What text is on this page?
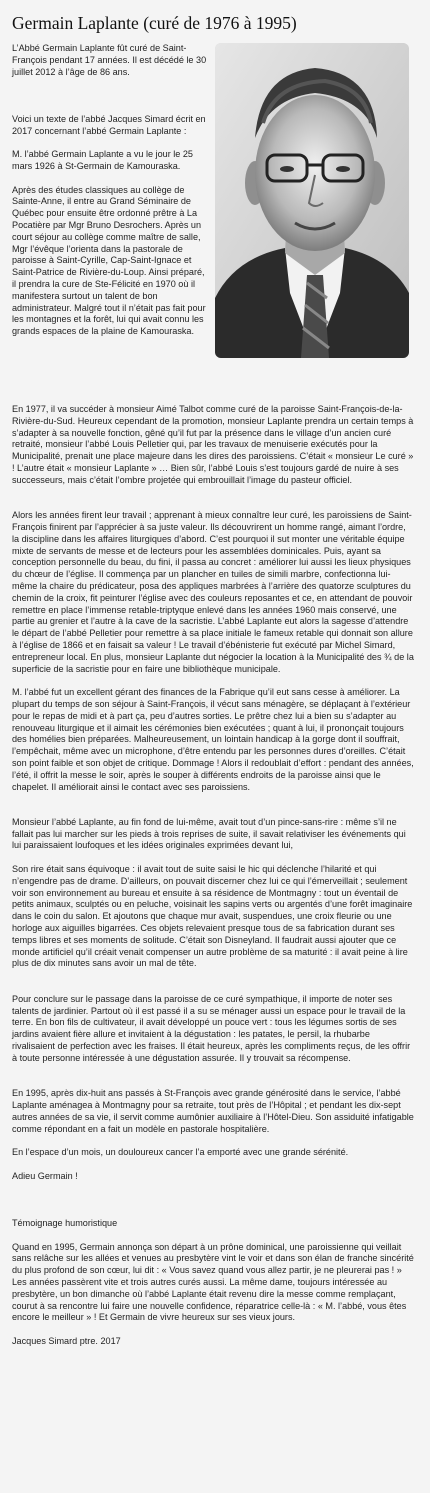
Germain Laplante (curé de 1976 à 1995)

L’Abbé Germain Laplante fût curé de Saint-François pendant 17 années. Il est décédé le 30 juillet 2012 à l’âge de 86 ans.

Voici un texte de l’abbé Jacques Simard écrit en 2017 concernant l’abbé Germain Laplante :

M. l’abbé Germain Laplante a vu le jour le 25 mars 1926 à St-Germain de Kamouraska.

Après des études classiques au collège de Sainte-Anne, il entre au Grand Séminaire de Québec pour ensuite être ordonné prêtre à La Pocatière par Mgr Bruno Desrochers. Après un court séjour au collège comme maître de salle, Mgr l’évêque l’orienta dans la pastorale de paroisse à Saint-Cyrille, Cap-Saint-Ignace et Saint-Patrice de Rivière-du-Loup. Ainsi préparé, il prendra la cure de Ste-Félicité en 1970 où il manifestera surtout un talent de bon administrateur. Malgré tout il n’était pas fait pour les montagnes et la forêt, lui qui avait connu les grands espaces de la plaine de Kamouraska.

En 1977, il va succéder à monsieur Aimé Talbot comme curé de la paroisse Saint-François-de-la-Rivière-du-Sud. Heureux cependant de la promotion, monsieur Laplante prendra un certain temps à s’adapter à sa nouvelle fonction, gêné qu’il fut par la présence dans le village d’un ancien curé retraité, monsieur l’abbé Louis Pelletier qui, par les travaux de menuiserie exécutés pour la Municipalité, prenait une place majeure dans les dires des paroissiens. C’était « monsieur Le curé » ! L’autre était « monsieur Laplante » … Bien sûr, l’abbé Louis s’est toujours gardé de nuire à ses successeurs, mais c’était l’ombre projetée qui embrouillait l’image du pasteur officiel.

Alors les années firent leur travail ; apprenant à mieux connaître leur curé, les paroissiens de Saint-François finirent par l’apprécier à sa juste valeur. Ils découvrirent un homme rangé, aimant l’ordre, la discipline dans les affaires liturgiques d’abord. C’est pourquoi il sut monter une véritable équipe mixte de servants de messe et de lecteurs pour les assemblées dominicales. Puis, ayant sa conception personnelle du beau, du fini, il passa au concret : améliorer lui aussi les lieux physiques du chœur de l’église. Il commença par un plancher en tuiles de simili marbre, confectionna lui-même la chaire du prédicateur, posa des appliques marbrées à l’arrière des quatorze sculptures du chemin de la croix, fit peinturer l’église avec des couleurs reposantes et ce, en attendant de pouvoir remettre en place l’immense retable-triptyque enlevé dans les années 1960 mais conservé, une partie au grenier et l’autre à la cave de la sacristie. L’abbé Laplante eut alors la sagesse d’attendre le départ de l’abbé Pelletier pour remettre à sa place initiale le fameux retable qui donnait son allure à l’église de 1866 et en faisait sa valeur ! Le travail d’ébénisterie fut exécuté par Michel Simard, entrepreneur local. En plus, monsieur Laplante dut négocier la location à la Municipalité des ¾ de la superficie de la sacristie pour en faire une bibliothèque municipale.

M. l’abbé fut un excellent gérant des finances de la Fabrique qu’il eut sans cesse à améliorer. La plupart du temps de son séjour à Saint-François, il vécut sans ménagère, se déplaçant à l’extérieur pour le repas de midi et à part ça, peu d’autres sorties. Le prêtre chez lui a bien su s’adapter au renouveau liturgique et il aimait les cérémonies bien exécutées ; quant à lui, il prononçait toujours des homélies bien préparées. Malheureusement, un lointain handicap à la gorge dont il souffrait, l’empêchait, même avec un microphone, d’être entendu par les personnes dures d’oreilles. C’était son point faible et son objet de critique. Dommage ! Alors il redoublait d’effort : pendant des années, l’été, il offrit la messe le soir, après le souper à différents endroits de la paroisse ainsi que le chapelet. Il améliorait ainsi le contact avec ses paroissiens.

Monsieur l’abbé Laplante, au fin fond de lui-même, avait tout d’un pince-sans-rire : même s’il ne fallait pas lui marcher sur les pieds à trois reprises de suite, il savait relativiser les événements qui lui paraissaient loufoques et les idées originales exprimées devant lui,

Son rire était sans équivoque : il avait tout de suite saisi le hic qui déclenche l’hilarité et qui n’engendre pas de drame. D’ailleurs, on pouvait discerner chez lui ce qui l’émerveillait ; seulement voir son environnement au bureau et ensuite à sa résidence de Montmagny : tout un éventail de petits animaux, sculptés ou en peluche, voisinait les sapins verts ou argentés d’une forêt imaginaire dans le coin du salon. Et ajoutons que chaque mur avait, suspendues, une croix fleurie ou une horloge aux aiguilles bigarrées. Ces objets relevaient presque tous de sa fabrication durant ses temps libres et ses moments de solitude. C’était son Disneyland. Il faudrait aussi ajouter que ce monde artificiel qu’il créait venait compenser un autre problème de sa maturité : il avait peine à lire plus de dix minutes sans avoir un mal de tête.

Pour conclure sur le passage dans la paroisse de ce curé sympathique, il importe de noter ses talents de jardinier. Partout où il est passé il a su se ménager aussi un espace pour le travail de la terre. En bon fils de cultivateur, il avait développé un pouce vert : tous les légumes sortis de ses jardins avaient fière allure et invitaient à la dégustation : les patates, le persil, la rhubarbe rivalisaient de perfection avec les fraises. Il était heureux, après les compliments reçus, de les offrir à toute personne intéressée à une dégustation assurée. Il y trouvait sa récompense.

En 1995, après dix-huit ans passés à St-François avec grande générosité dans le service, l’abbé Laplante aménagea à Montmagny pour sa retraite, tout près de l’Hôpital ; et pendant les dix-sept autres années de sa vie, il servit comme aumônier auxiliaire à l’Hôtel-Dieu. Son assiduité infatigable comme répondant en a fait un modèle en pastorale hospitalière.

En l’espace d’un mois, un douloureux cancer l’a emporté avec une grande sérénité.

Adieu Germain !

Témoignage humoristique

Quand en 1995, Germain annonça son départ à un prône dominical, une paroissienne qui veillait sans relâche sur les allées et venues au presbytère vint le voir et dans son élan de franche sincérité du plus profond de son cœur, lui dit : « Vous savez quand vous allez partir, je ne pleurerai pas ! » Les années passèrent vite et trois autres curés aussi. La même dame, toujours intéressée au presbytère, un bon dimanche où l’abbé Laplante était revenu dire la messe comme remplaçant, courut à sa rencontre lui faire une nouvelle confidence, réparatrice celle-là : « M. l’abbé, vous êtes encore le meilleur » ! Et Germain de vivre heureux sur ses vieux jours.

Jacques Simard ptre. 2017
